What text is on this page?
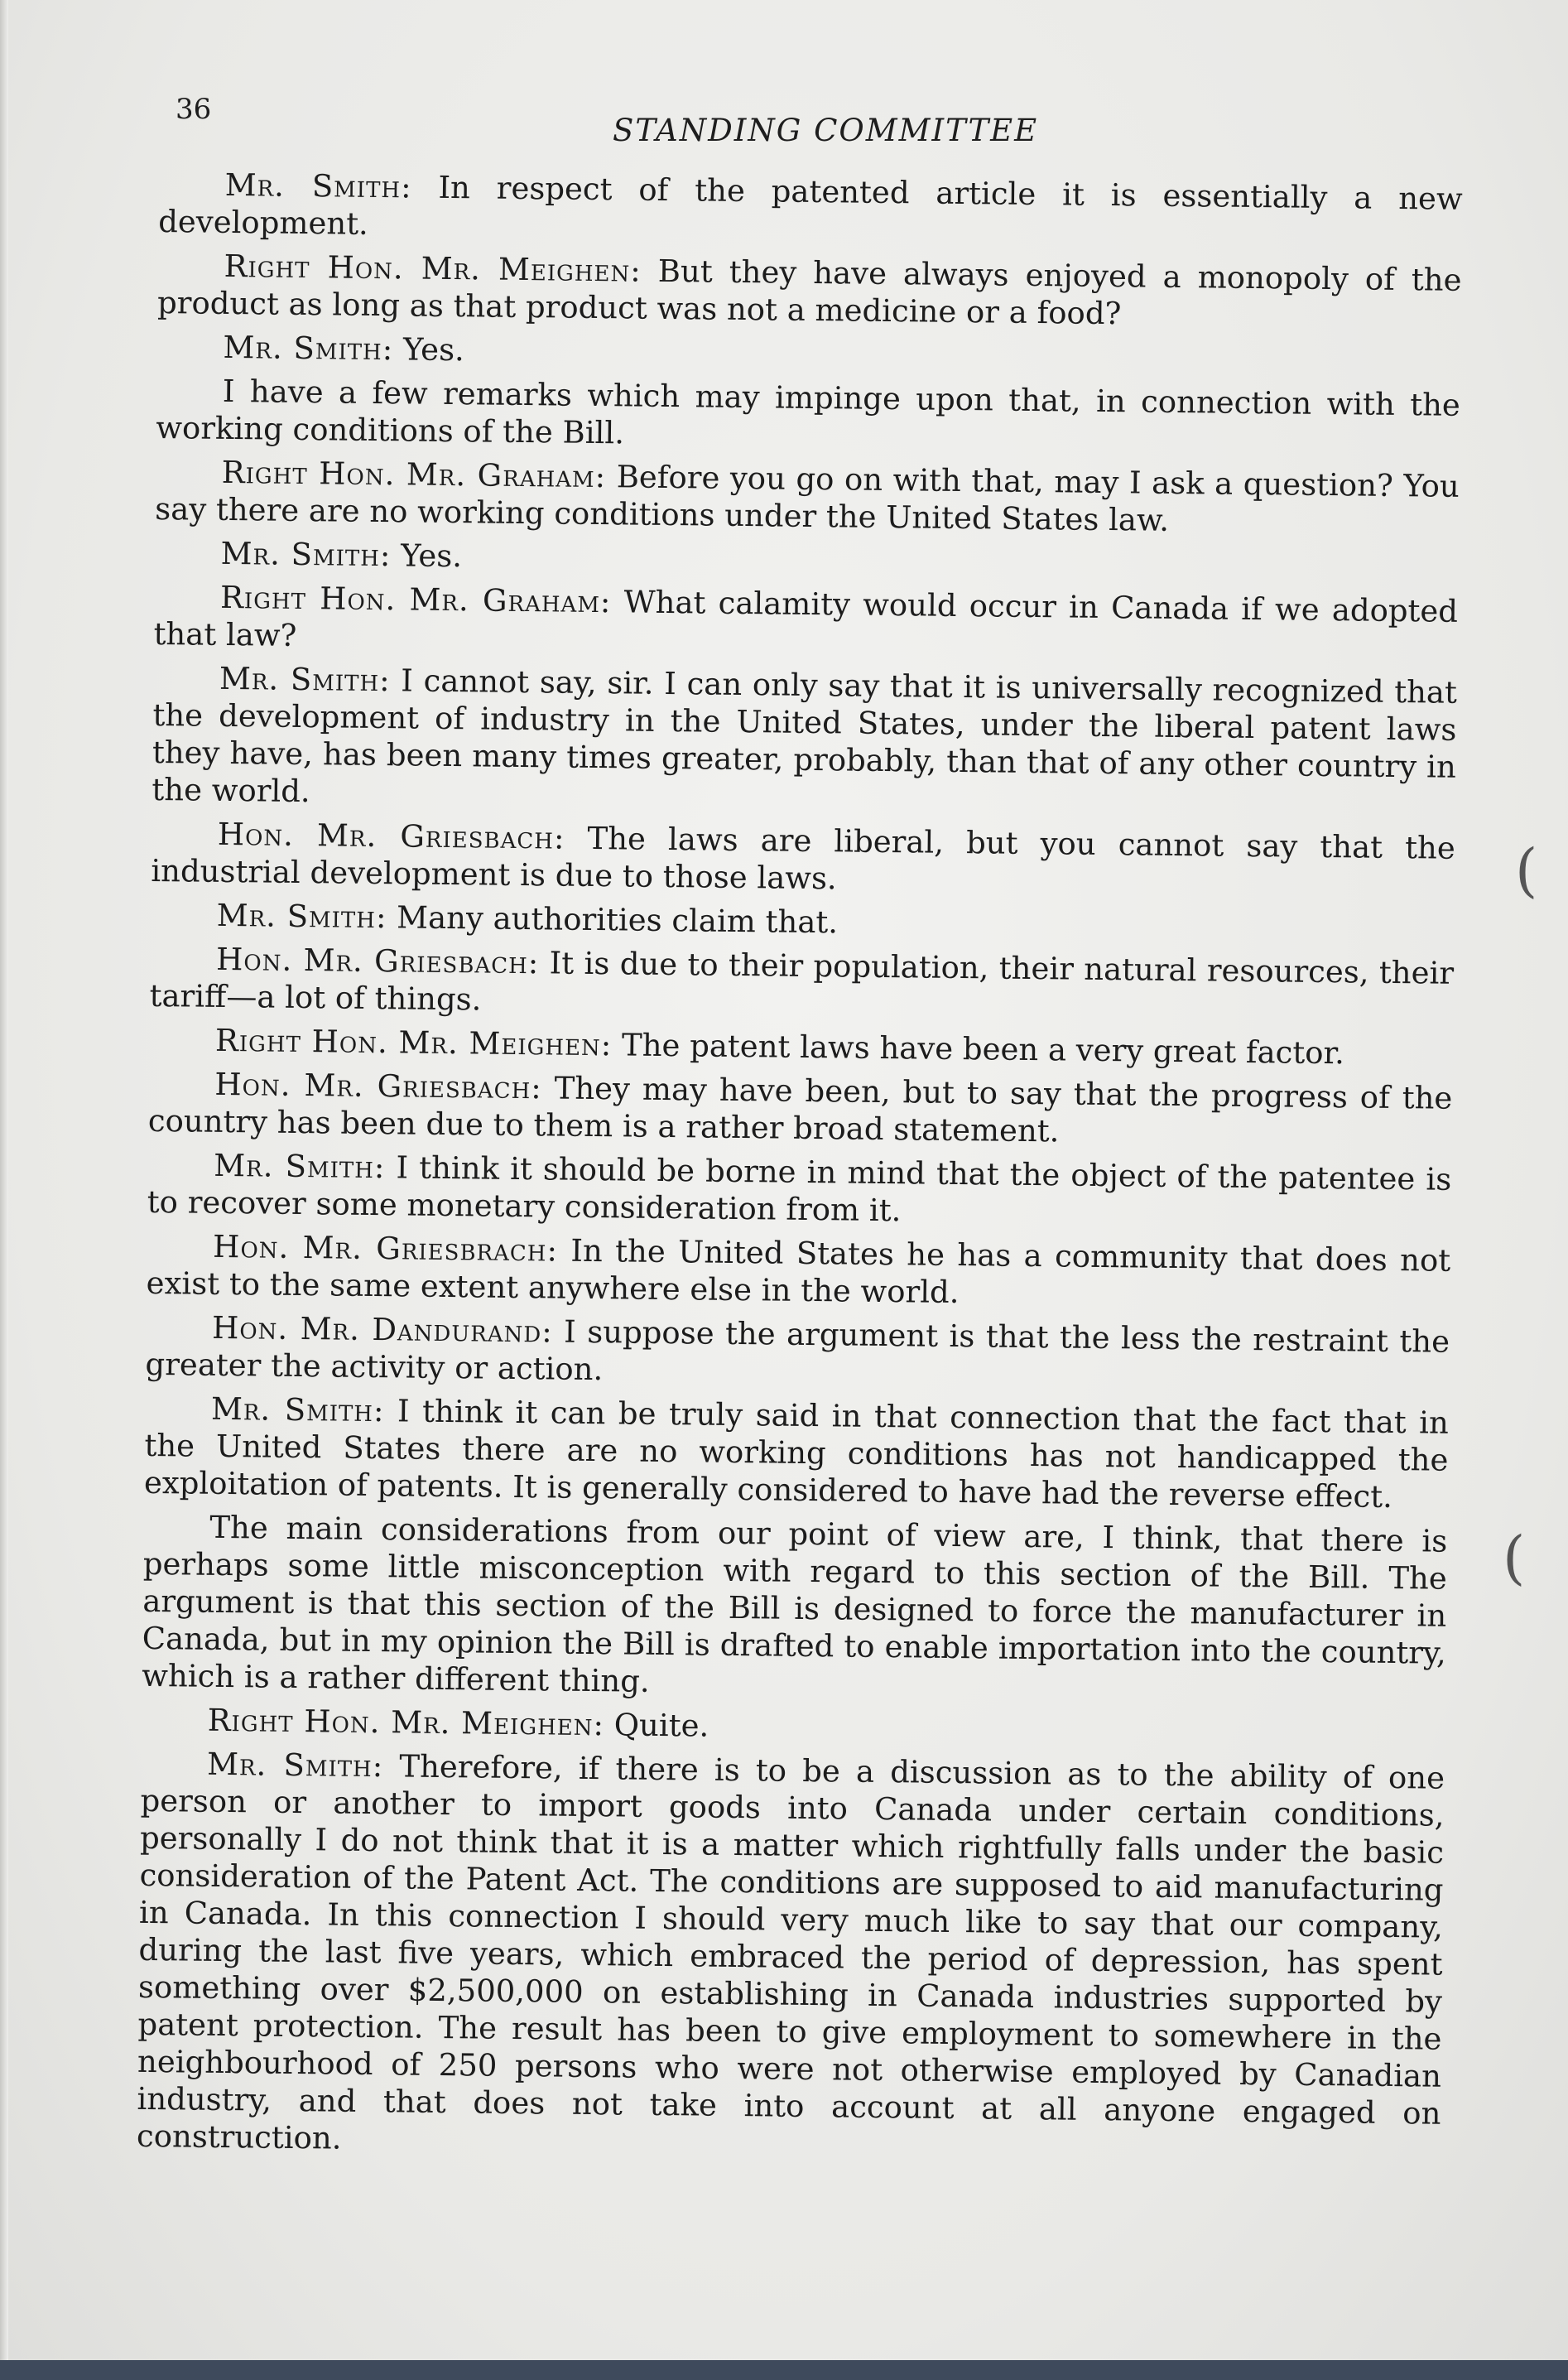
36
STANDING COMMITTEE

Mr. Smith: In respect of the patented article it is essentially a new development.

Right Hon. Mr. Meighen: But they have always enjoyed a monopoly of the product as long as that product was not a medicine or a food?

Mr. Smith: Yes.

I have a few remarks which may impinge upon that, in connection with the working conditions of the Bill.

Right Hon. Mr. Graham: Before you go on with that, may I ask a question? You say there are no working conditions under the United States law.

Mr. Smith: Yes.

Right Hon. Mr. Graham: What calamity would occur in Canada if we adopted that law?

Mr. Smith: I cannot say, sir. I can only say that it is universally recognized that the development of industry in the United States, under the liberal patent laws they have, has been many times greater, probably, than that of any other country in the world.

Hon. Mr. Griesbach: The laws are liberal, but you cannot say that the industrial development is due to those laws.

Mr. Smith: Many authorities claim that.

Hon. Mr. Griesbach: It is due to their population, their natural resources, their tariff—a lot of things.

Right Hon. Mr. Meighen: The patent laws have been a very great factor.

Hon. Mr. Griesbach: They may have been, but to say that the progress of the country has been due to them is a rather broad statement.

Mr. Smith: I think it should be borne in mind that the object of the patentee is to recover some monetary consideration from it.

Hon. Mr. Griesbrach: In the United States he has a community that does not exist to the same extent anywhere else in the world.

Hon. Mr. Dandurand: I suppose the argument is that the less the restraint the greater the activity or action.

Mr. Smith: I think it can be truly said in that connection that the fact that in the United States there are no working conditions has not handicapped the exploitation of patents. It is generally considered to have had the reverse effect.

The main considerations from our point of view are, I think, that there is perhaps some little misconception with regard to this section of the Bill. The argument is that this section of the Bill is designed to force the manufacturer in Canada, but in my opinion the Bill is drafted to enable importation into the country, which is a rather different thing.

Right Hon. Mr. Meighen: Quite.

Mr. Smith: Therefore, if there is to be a discussion as to the ability of one person or another to import goods into Canada under certain conditions, personally I do not think that it is a matter which rightfully falls under the basic consideration of the Patent Act. The conditions are supposed to aid manufacturing in Canada. In this connection I should very much like to say that our company, during the last five years, which embraced the period of depression, has spent something over $2,500,000 on establishing in Canada industries supported by patent protection. The result has been to give employment to somewhere in the neighbourhood of 250 persons who were not otherwise employed by Canadian industry, and that does not take into account at all anyone engaged on construction.

(
(
